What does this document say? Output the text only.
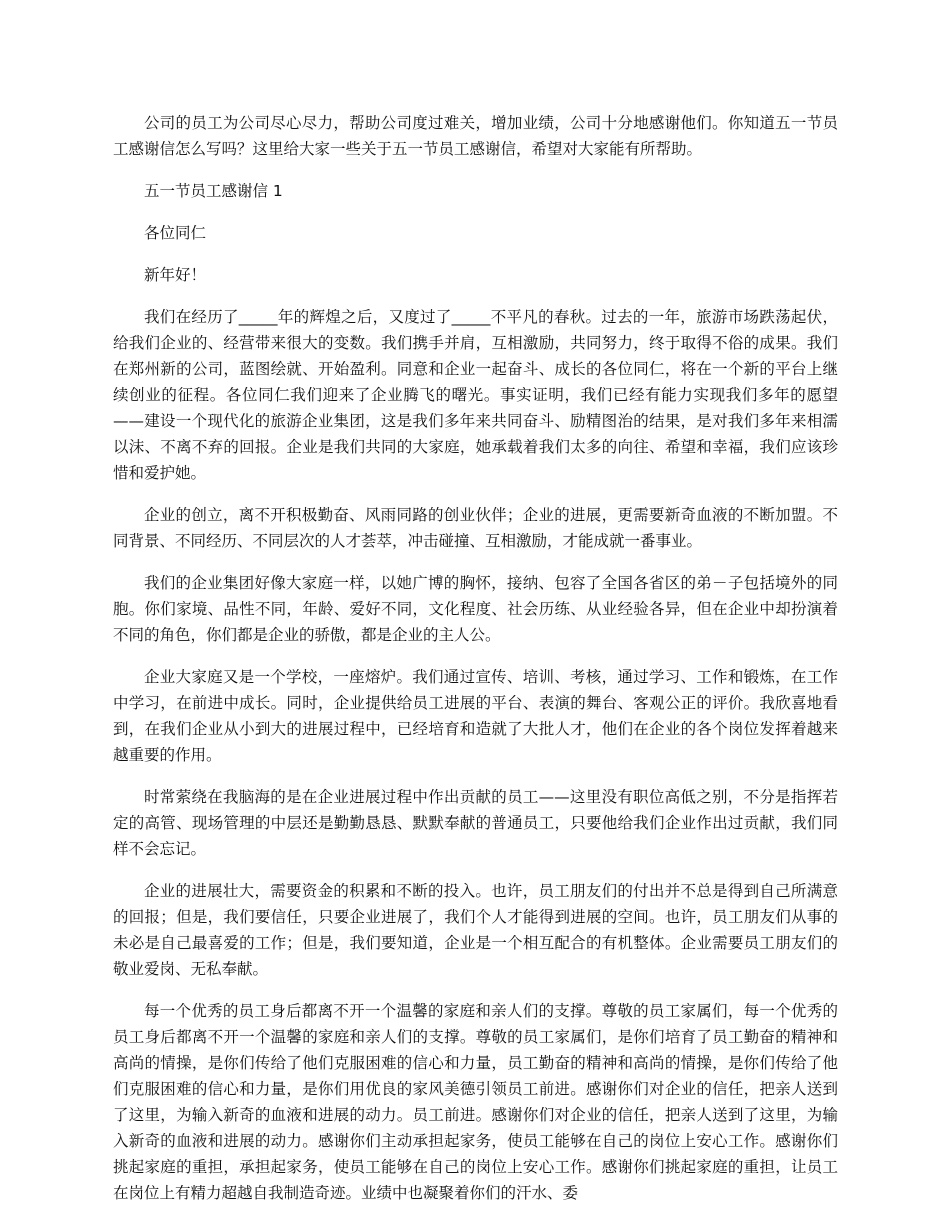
公司的员工为公司尽心尽力，帮助公司度过难关，增加业绩，公司十分地感谢他们。你知道五一节员工感谢信怎么写吗？这里给大家一些关于五一节员工感谢信，希望对大家能有所帮助。

五一节员工感谢信 1

各位同仁

新年好！

我们在经历了_____年的辉煌之后，又度过了_____不平凡的春秋。过去的一年，旅游市场跌荡起伏，给我们企业的、经营带来很大的变数。我们携手并肩，互相激励，共同努力，终于取得不俗的成果。我们在郑州新的公司，蓝图绘就、开始盈利。同意和企业一起奋斗、成长的各位同仁，将在一个新的平台上继续创业的征程。各位同仁我们迎来了企业腾飞的曙光。事实证明，我们已经有能力实现我们多年的愿望——建设一个现代化的旅游企业集团，这是我们多年来共同奋斗、励精图治的结果，是对我们多年来相濡以沫、不离不弃的回报。企业是我们共同的大家庭，她承载着我们太多的向往、希望和幸福，我们应该珍惜和爱护她。

企业的创立，离不开积极勤奋、风雨同路的创业伙伴；企业的进展，更需要新奇血液的不断加盟。不同背景、不同经历、不同层次的人才荟萃，冲击碰撞、互相激励，才能成就一番事业。

我们的企业集团好像大家庭一样，以她广博的胸怀，接纳、包容了全国各省区的弟－子包括境外的同胞。你们家境、品性不同，年龄、爱好不同，文化程度、社会历练、从业经验各异，但在企业中却扮演着不同的角色，你们都是企业的骄傲，都是企业的主人公。

企业大家庭又是一个学校，一座熔炉。我们通过宣传、培训、考核，通过学习、工作和锻炼，在工作中学习，在前进中成长。同时，企业提供给员工进展的平台、表演的舞台、客观公正的评价。我欣喜地看到，在我们企业从小到大的进展过程中，已经培育和造就了大批人才，他们在企业的各个岗位发挥着越来越重要的作用。

时常萦绕在我脑海的是在企业进展过程中作出贡献的员工——这里没有职位高低之别，不分是指挥若定的高管、现场管理的中层还是勤勤恳恳、默默奉献的普通员工，只要他给我们企业作出过贡献，我们同样不会忘记。

企业的进展壮大，需要资金的积累和不断的投入。也许，员工朋友们的付出并不总是得到自己所满意的回报；但是，我们要信任，只要企业进展了，我们个人才能得到进展的空间。也许，员工朋友们从事的未必是自己最喜爱的工作；但是，我们要知道，企业是一个相互配合的有机整体。企业需要员工朋友们的敬业爱岗、无私奉献。

每一个优秀的员工身后都离不开一个温馨的家庭和亲人们的支撑。尊敬的员工家属们，每一个优秀的员工身后都离不开一个温馨的家庭和亲人们的支撑。尊敬的员工家属们，是你们培育了员工勤奋的精神和高尚的情操，是你们传给了他们克服困难的信心和力量，员工勤奋的精神和高尚的情操，是你们传给了他们克服困难的信心和力量，是你们用优良的家风美德引领员工前进。感谢你们对企业的信任，把亲人送到了这里，为输入新奇的血液和进展的动力。员工前进。感谢你们对企业的信任，把亲人送到了这里，为输入新奇的血液和进展的动力。感谢你们主动承担起家务，使员工能够在自己的岗位上安心工作。感谢你们挑起家庭的重担，承担起家务，使员工能够在自己的岗位上安心工作。感谢你们挑起家庭的重担，让员工在岗位上有精力超越自我制造奇迹。业绩中也凝聚着你们的汗水、委
